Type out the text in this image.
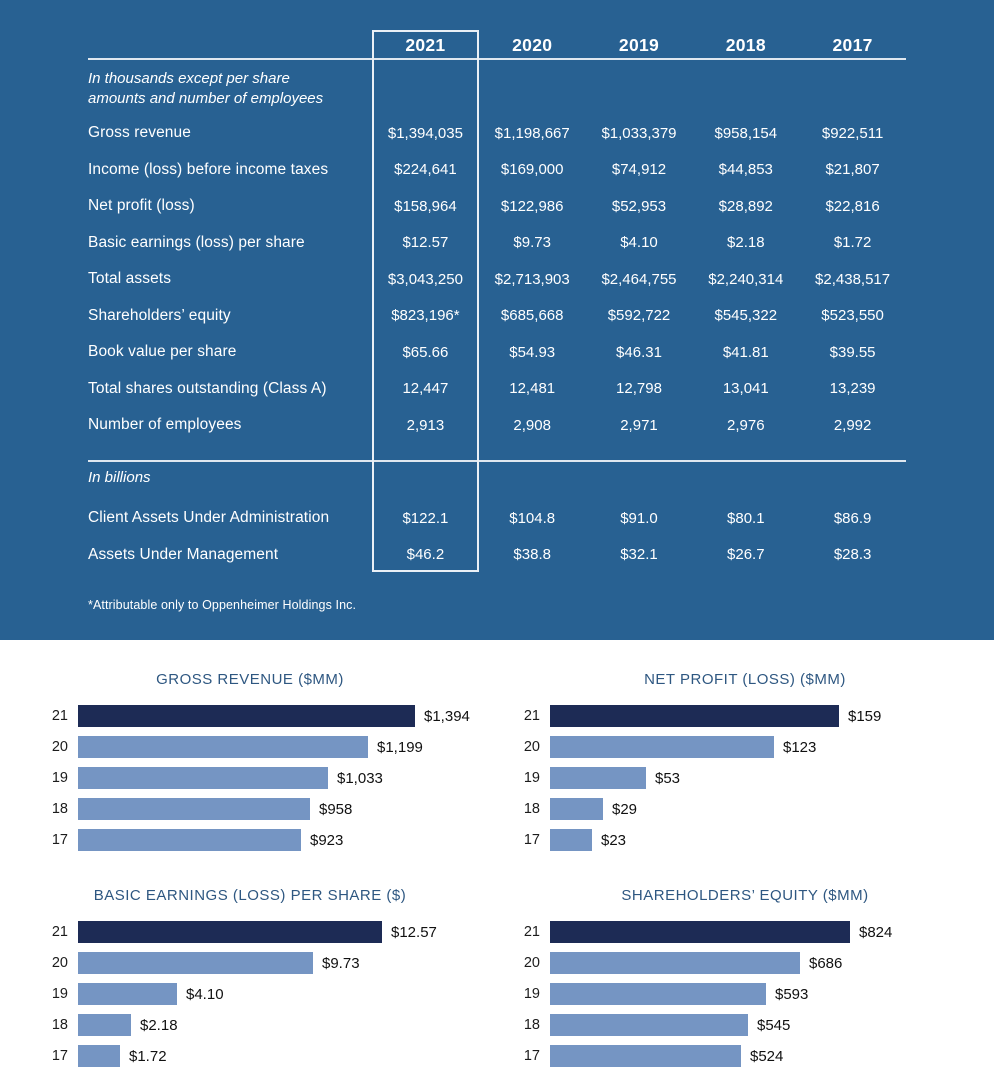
2021	2020	2019	2018	2017
In thousands except per share
amounts and number of employees
Gross revenue	$1,394,035	$1,198,667	$1,033,379	$958,154	$922,511
Income (loss) before income taxes	$224,641	$169,000	$74,912	$44,853	$21,807
Net profit (loss)	$158,964	$122,986	$52,953	$28,892	$22,816
Basic earnings (loss) per share	$12.57	$9.73	$4.10	$2.18	$1.72
Total assets	$3,043,250	$2,713,903	$2,464,755	$2,240,314	$2,438,517
Shareholders’ equity	$823,196*	$685,668	$592,722	$545,322	$523,550
Book value per share	$65.66	$54.93	$46.31	$41.81	$39.55
Total shares outstanding (Class A)	12,447	12,481	12,798	13,041	13,239
Number of employees	2,913	2,908	2,971	2,976	2,992
In billions
Client Assets Under Administration	$122.1	$104.8	$91.0	$80.1	$86.9
Assets Under Management	$46.2	$38.8	$32.1	$26.7	$28.3
*Attributable only to Oppenheimer Holdings Inc.
GROSS REVENUE ($MM)
21	$1,394
20	$1,199
19	$1,033
18	$958
17	$923
NET PROFIT (LOSS) ($MM)
21	$159
20	$123
19	$53
18	$29
17	$23
BASIC EARNINGS (LOSS) PER SHARE ($)
21	$12.57
20	$9.73
19	$4.10
18	$2.18
17	$1.72
SHAREHOLDERS’ EQUITY ($MM)
21	$824
20	$686
19	$593
18	$545
17	$524
